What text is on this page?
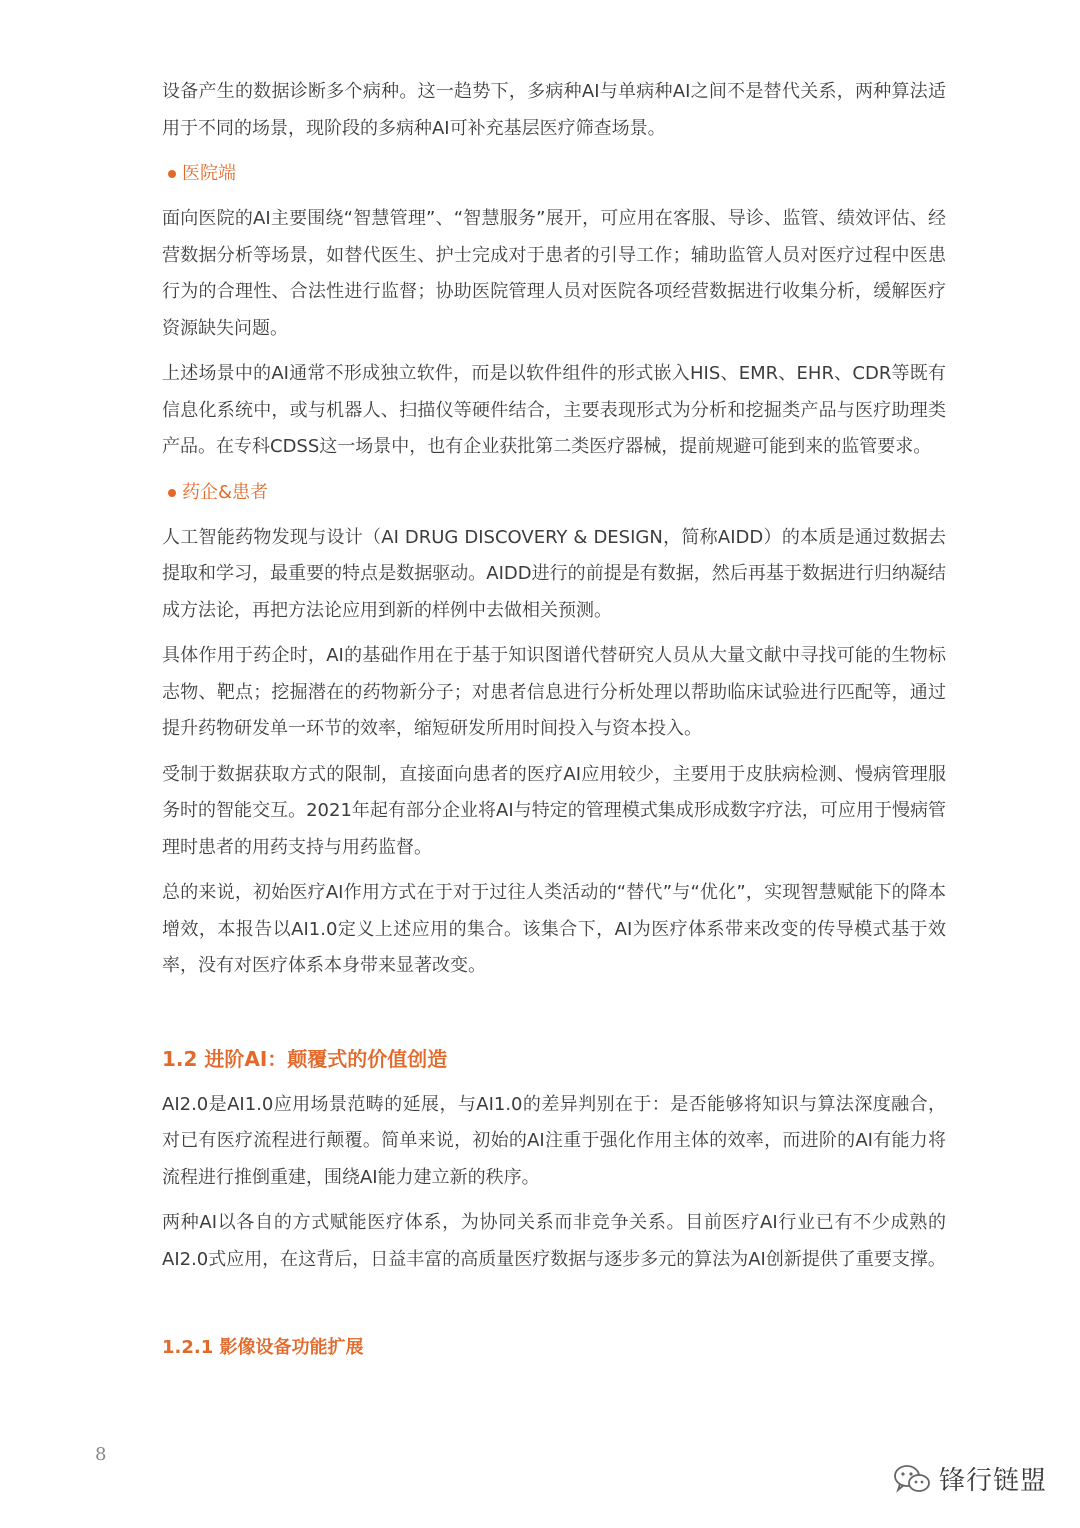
设备产生的数据诊断多个病种。这一趋势下，多病种AI与单病种AI之间不是替代关系，两种算法适用于不同的场景，现阶段的多病种AI可补充基层医疗筛查场景。

医院端

面向医院的AI主要围绕“智慧管理”、“智慧服务”展开，可应用在客服、导诊、监管、绩效评估、经营数据分析等场景，如替代医生、护士完成对于患者的引导工作；辅助监管人员对医疗过程中医患行为的合理性、合法性进行监督；协助医院管理人员对医院各项经营数据进行收集分析，缓解医疗资源缺失问题。

上述场景中的AI通常不形成独立软件，而是以软件组件的形式嵌入HIS、EMR、EHR、CDR等既有信息化系统中，或与机器人、扫描仪等硬件结合，主要表现形式为分析和挖掘类产品与医疗助理类产品。在专科CDSS这一场景中，也有企业获批第二类医疗器械，提前规避可能到来的监管要求。

药企&患者

人工智能药物发现与设计（AI DRUG DISCOVERY & DESIGN，简称AIDD）的本质是通过数据去提取和学习，最重要的特点是数据驱动。AIDD进行的前提是有数据，然后再基于数据进行归纳凝结成方法论，再把方法论应用到新的样例中去做相关预测。

具体作用于药企时，AI的基础作用在于基于知识图谱代替研究人员从大量文献中寻找可能的生物标志物、靶点；挖掘潜在的药物新分子；对患者信息进行分析处理以帮助临床试验进行匹配等，通过提升药物研发单一环节的效率，缩短研发所用时间投入与资本投入。

受制于数据获取方式的限制，直接面向患者的医疗AI应用较少，主要用于皮肤病检测、慢病管理服务时的智能交互。2021年起有部分企业将AI与特定的管理模式集成形成数字疗法，可应用于慢病管理时患者的用药支持与用药监督。

总的来说，初始医疗AI作用方式在于对于过往人类活动的“替代”与“优化”，实现智慧赋能下的降本增效，本报告以AI1.0定义上述应用的集合。该集合下，AI为医疗体系带来改变的传导模式基于效率，没有对医疗体系本身带来显著改变。

1.2 进阶AI：颠覆式的价值创造

AI2.0是AI1.0应用场景范畴的延展，与AI1.0的差异判别在于：是否能够将知识与算法深度融合，对已有医疗流程进行颠覆。简单来说，初始的AI注重于强化作用主体的效率，而进阶的AI有能力将流程进行推倒重建，围绕AI能力建立新的秩序。

两种AI以各自的方式赋能医疗体系，为协同关系而非竞争关系。目前医疗AI行业已有不少成熟的AI2.0式应用，在这背后，日益丰富的高质量医疗数据与逐步多元的算法为AI创新提供了重要支撑。

1.2.1 影像设备功能扩展
8
锋行链盟
